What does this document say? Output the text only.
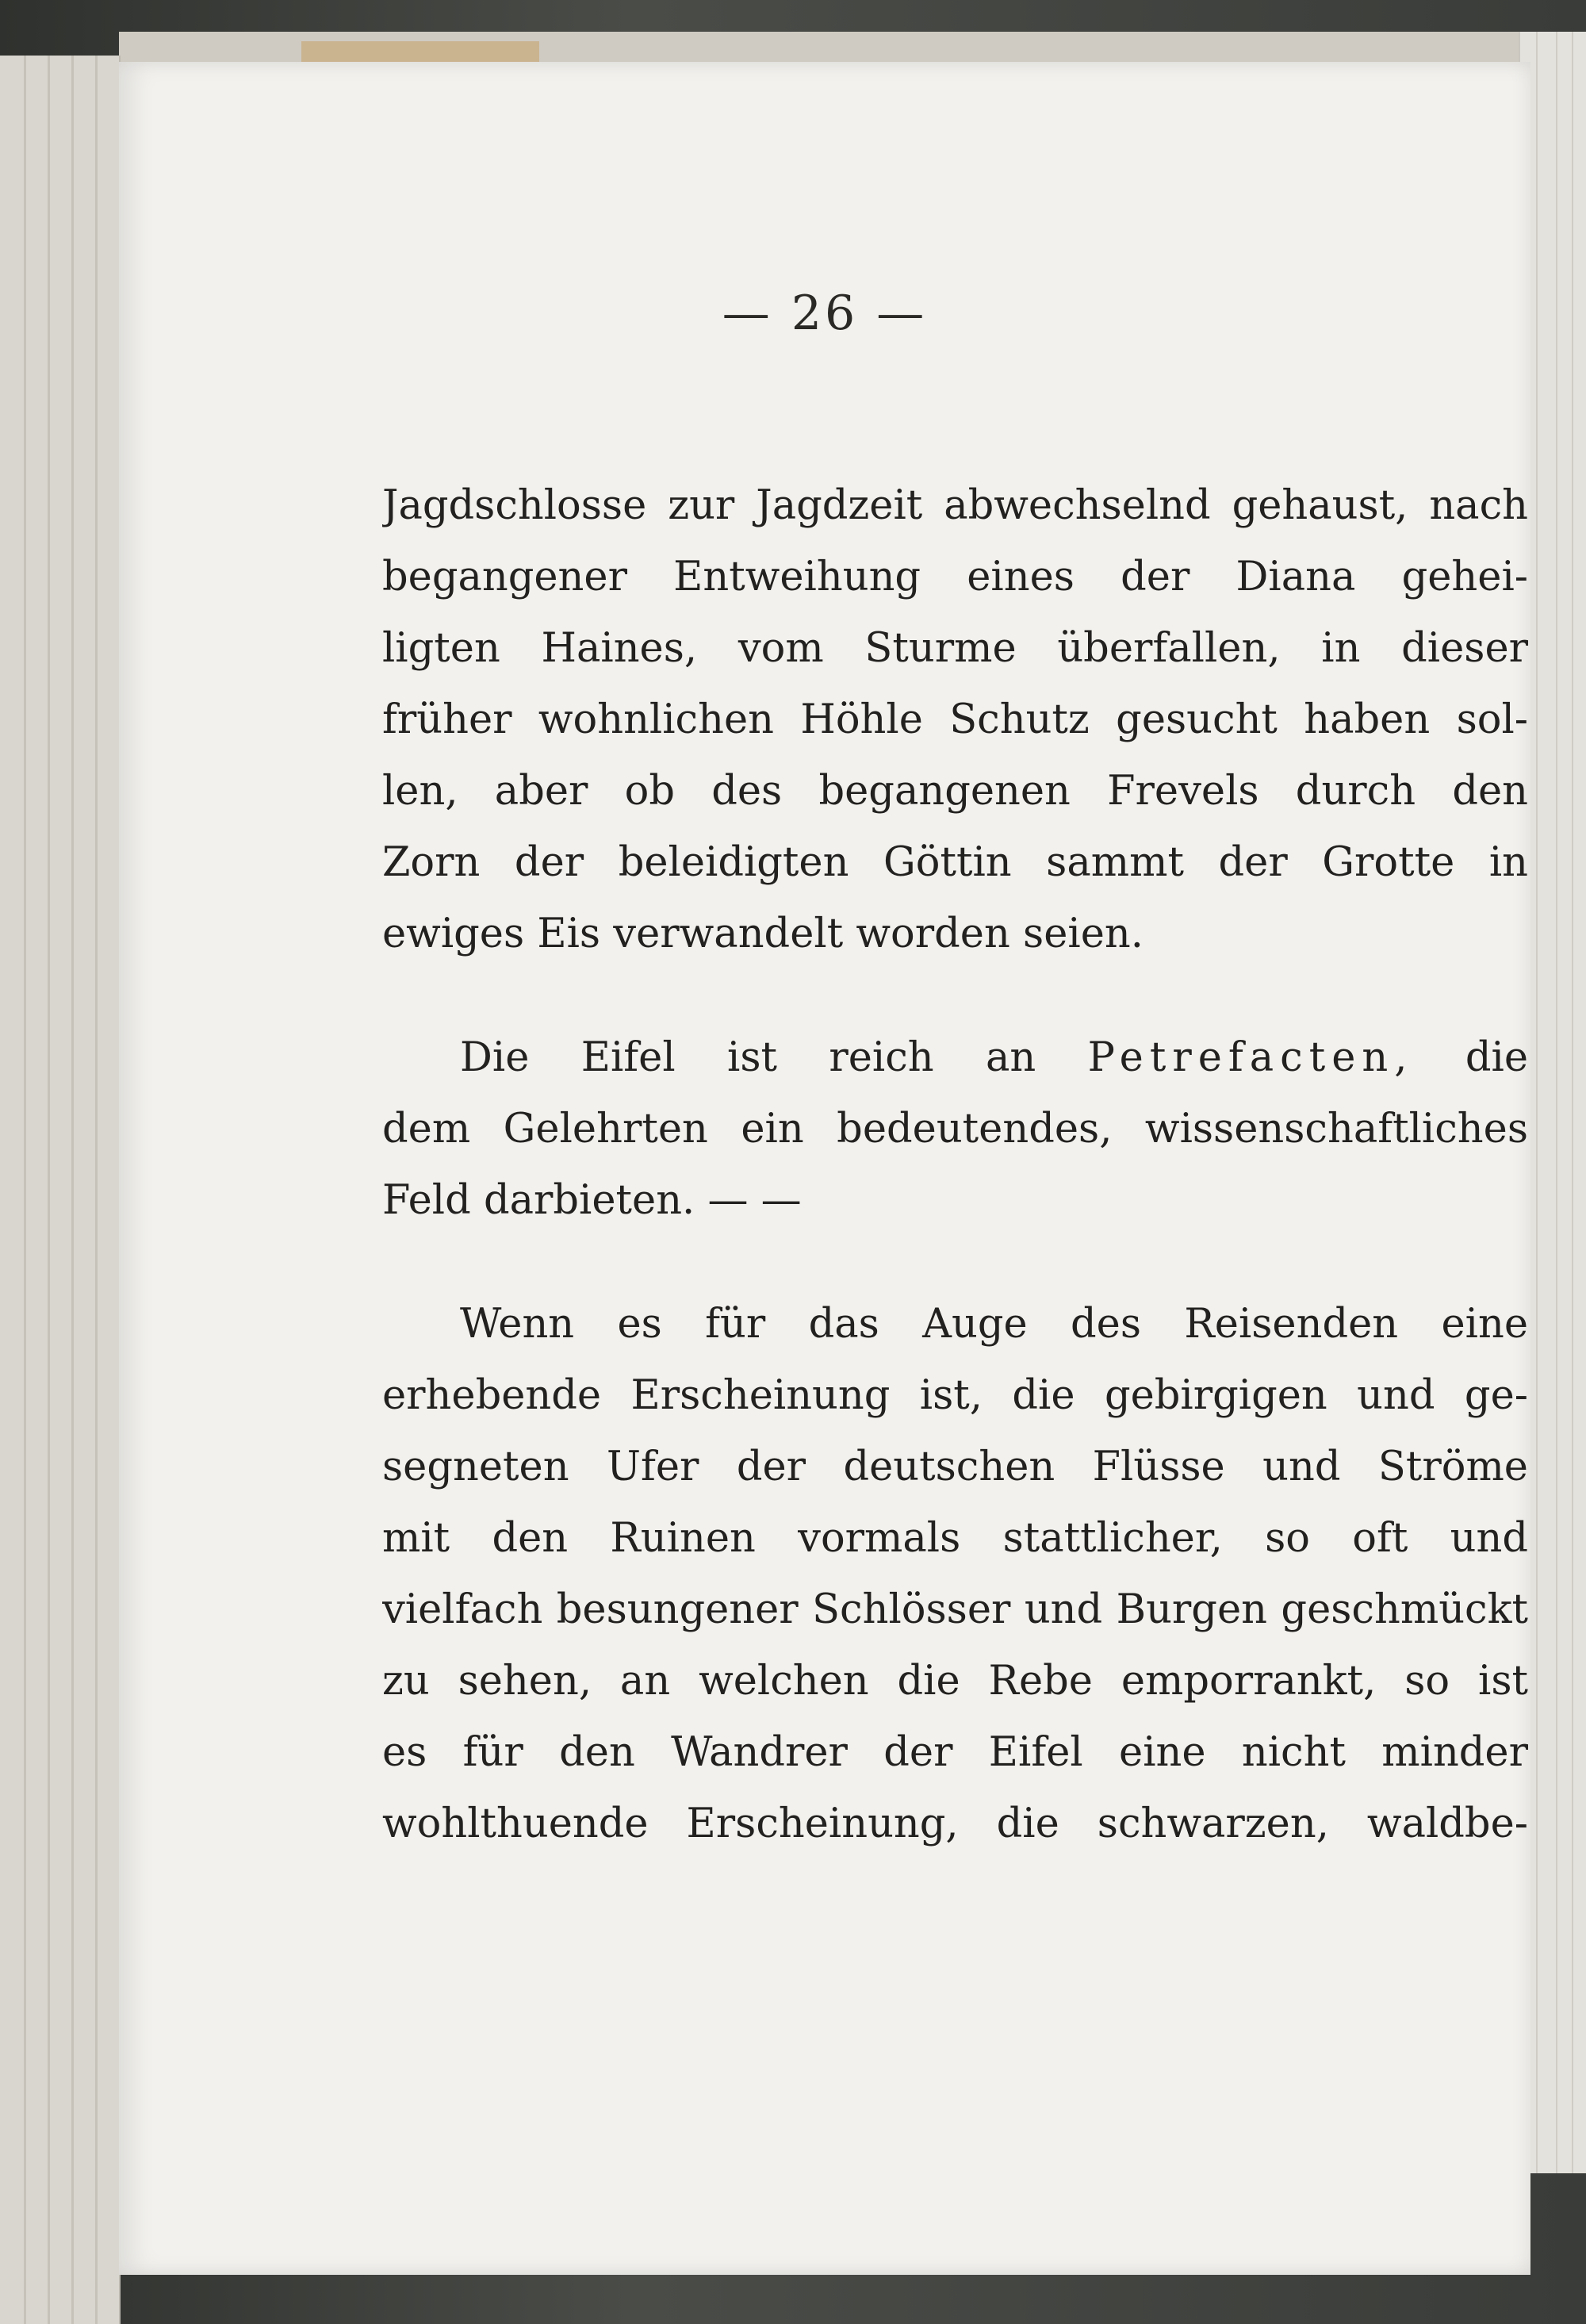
— 26 —
Jagdschlosse zur Jagdzeit abwechselnd gehaust, nach
begangener Entweihung eines der Diana gehei-
ligten Haines, vom Sturme überfallen, in dieser
früher wohnlichen Höhle Schutz gesucht haben sol-
len, aber ob des begangenen Frevels durch den
Zorn der beleidigten Göttin sammt der Grotte in
ewiges Eis verwandelt worden seien.
Die Eifel ist reich an Petrefacten, die
dem Gelehrten ein bedeutendes, wissenschaftliches
Feld darbieten. — —
Wenn es für das Auge des Reisenden eine
erhebende Erscheinung ist, die gebirgigen und ge-
segneten Ufer der deutschen Flüsse und Ströme
mit den Ruinen vormals stattlicher, so oft und
vielfach besungener Schlösser und Burgen geschmückt
zu sehen, an welchen die Rebe emporrankt, so ist
es für den Wandrer der Eifel eine nicht minder
wohlthuende Erscheinung, die schwarzen, waldbe-
